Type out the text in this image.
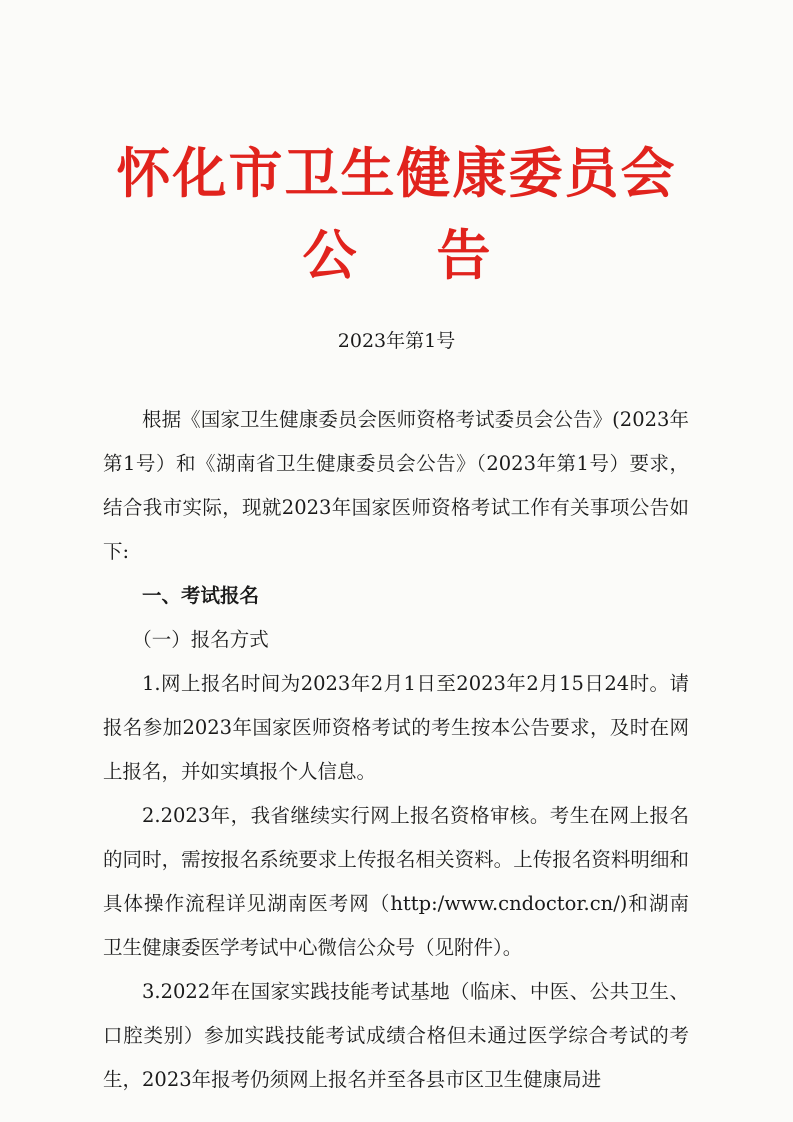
怀化市卫生健康委员会
公 告
2023年第1号

根据《国家卫生健康委员会医师资格考试委员会公告》(2023年第1号）和《湖南省卫生健康委员会公告》（2023年第1号）要求，结合我市实际，现就2023年国家医师资格考试工作有关事项公告如下:

一、考试报名

（一）报名方式

1.网上报名时间为2023年2月1日至2023年2月15日24时。请报名参加2023年国家医师资格考试的考生按本公告要求，及时在网上报名，并如实填报个人信息。

2.2023年，我省继续实行网上报名资格审核。考生在网上报名的同时，需按报名系统要求上传报名相关资料。上传报名资料明细和具体操作流程详见湖南医考网（http:/www.cndoctor.cn/)和湖南卫生健康委医学考试中心微信公众号（见附件）。

3.2022年在国家实践技能考试基地（临床、中医、公共卫生、口腔类别）参加实践技能考试成绩合格但未通过医学综合考试的考生，2023年报考仍须网上报名并至各县市区卫生健康局进
